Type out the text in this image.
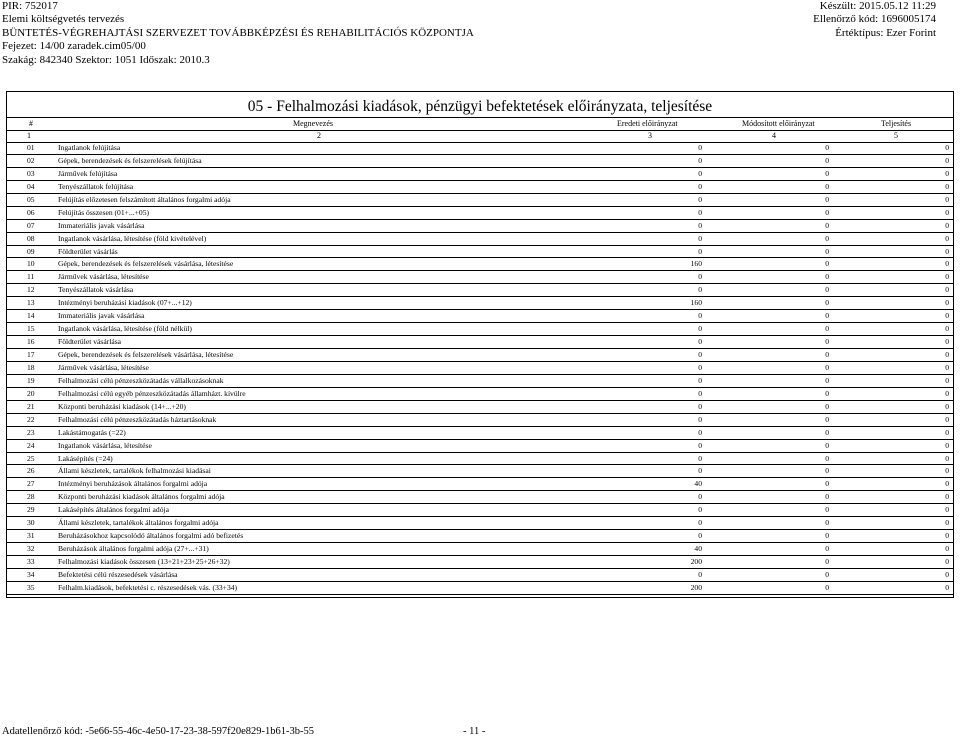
PIR: 752017
Elemi költségvetés tervezés
BÜNTETÉS-VÉGREHAJTÁSI SZERVEZET TOVÁBBKÉPZÉSI ÉS REHABILITÁCIÓS KÖZPONTJA
Fejezet: 14/00 zaradek.cim05/00
Szakág: 842340 Szektor: 1051 Időszak: 2010.3
Készült: 2015.05.12 11:29
Ellenőrző kód: 1696005174
Értéktípus: Ezer Forint
05 - Felhalmozási kiadások, pénzügyi befektetések előirányzata, teljesítése
#	Megnevezés	Eredeti előirányzat	Módosított előirányzat	Teljesítés
1	2	3	4	5
01	Ingatlanok felújítása	0	0	0
02	Gépek, berendezések és felszerelések felújítása	0	0	0
03	Járművek felújítása	0	0	0
04	Tenyészállatok felújítása	0	0	0
05	Felújítás előzetesen felszámított általános forgalmi adója	0	0	0
06	Felújítás összesen (01+...+05)	0	0	0
07	Immateriális javak vásárlása	0	0	0
08	Ingatlanok vásárlása, létesítése (föld kivételével)	0	0	0
09	Földterület vásárlás	0	0	0
10	Gépek, berendezések és felszerelések vásárlása, létesítése	160	0	0
11	Járművek vásárlása, létesítése	0	0	0
12	Tenyészállatok vásárlása	0	0	0
13	Intézményi beruházási kiadások (07+...+12)	160	0	0
14	Immateriális javak vásárlása	0	0	0
15	Ingatlanok vásárlása, létesítése (föld nélkül)	0	0	0
16	Földterület vásárlása	0	0	0
17	Gépek, berendezések és felszerelések vásárlása, létesítése	0	0	0
18	Járművek vásárlása, létesítése	0	0	0
19	Felhalmozási célú pénzeszközátadás vállalkozásoknak	0	0	0
20	Felhalmozási célú egyéb pénzeszközátadás államházt. kívülre	0	0	0
21	Központi beruházási kiadások (14+...+20)	0	0	0
22	Felhalmozási célú pénzeszközátadás háztartásoknak	0	0	0
23	Lakástámogatás (=22)	0	0	0
24	Ingatlanok vásárlása, létesítése	0	0	0
25	Lakásépítés (=24)	0	0	0
26	Állami készletek, tartalékok felhalmozási kiadásai	0	0	0
27	Intézményi beruházások általános forgalmi adója	40	0	0
28	Központi beruházási kiadások általános forgalmi adója	0	0	0
29	Lakásépítés általános forgalmi adója	0	0	0
30	Állami készletek, tartalékok általános forgalmi adója	0	0	0
31	Beruházásokhoz kapcsolódó általános forgalmi adó befizetés	0	0	0
32	Beruházások általános forgalmi adója (27+...+31)	40	0	0
33	Felhalmozási kiadások összesen (13+21+23+25+26+32)	200	0	0
34	Befektetési célú részesedések vásárlása	0	0	0
35	Felhalm.kiadások, befektetési c. részesedések vás. (33+34)	200	0	0
Adatellenőrző kód: -5e66-55-46c-4e50-17-23-38-597f20e829-1b61-3b-55	- 11 -
